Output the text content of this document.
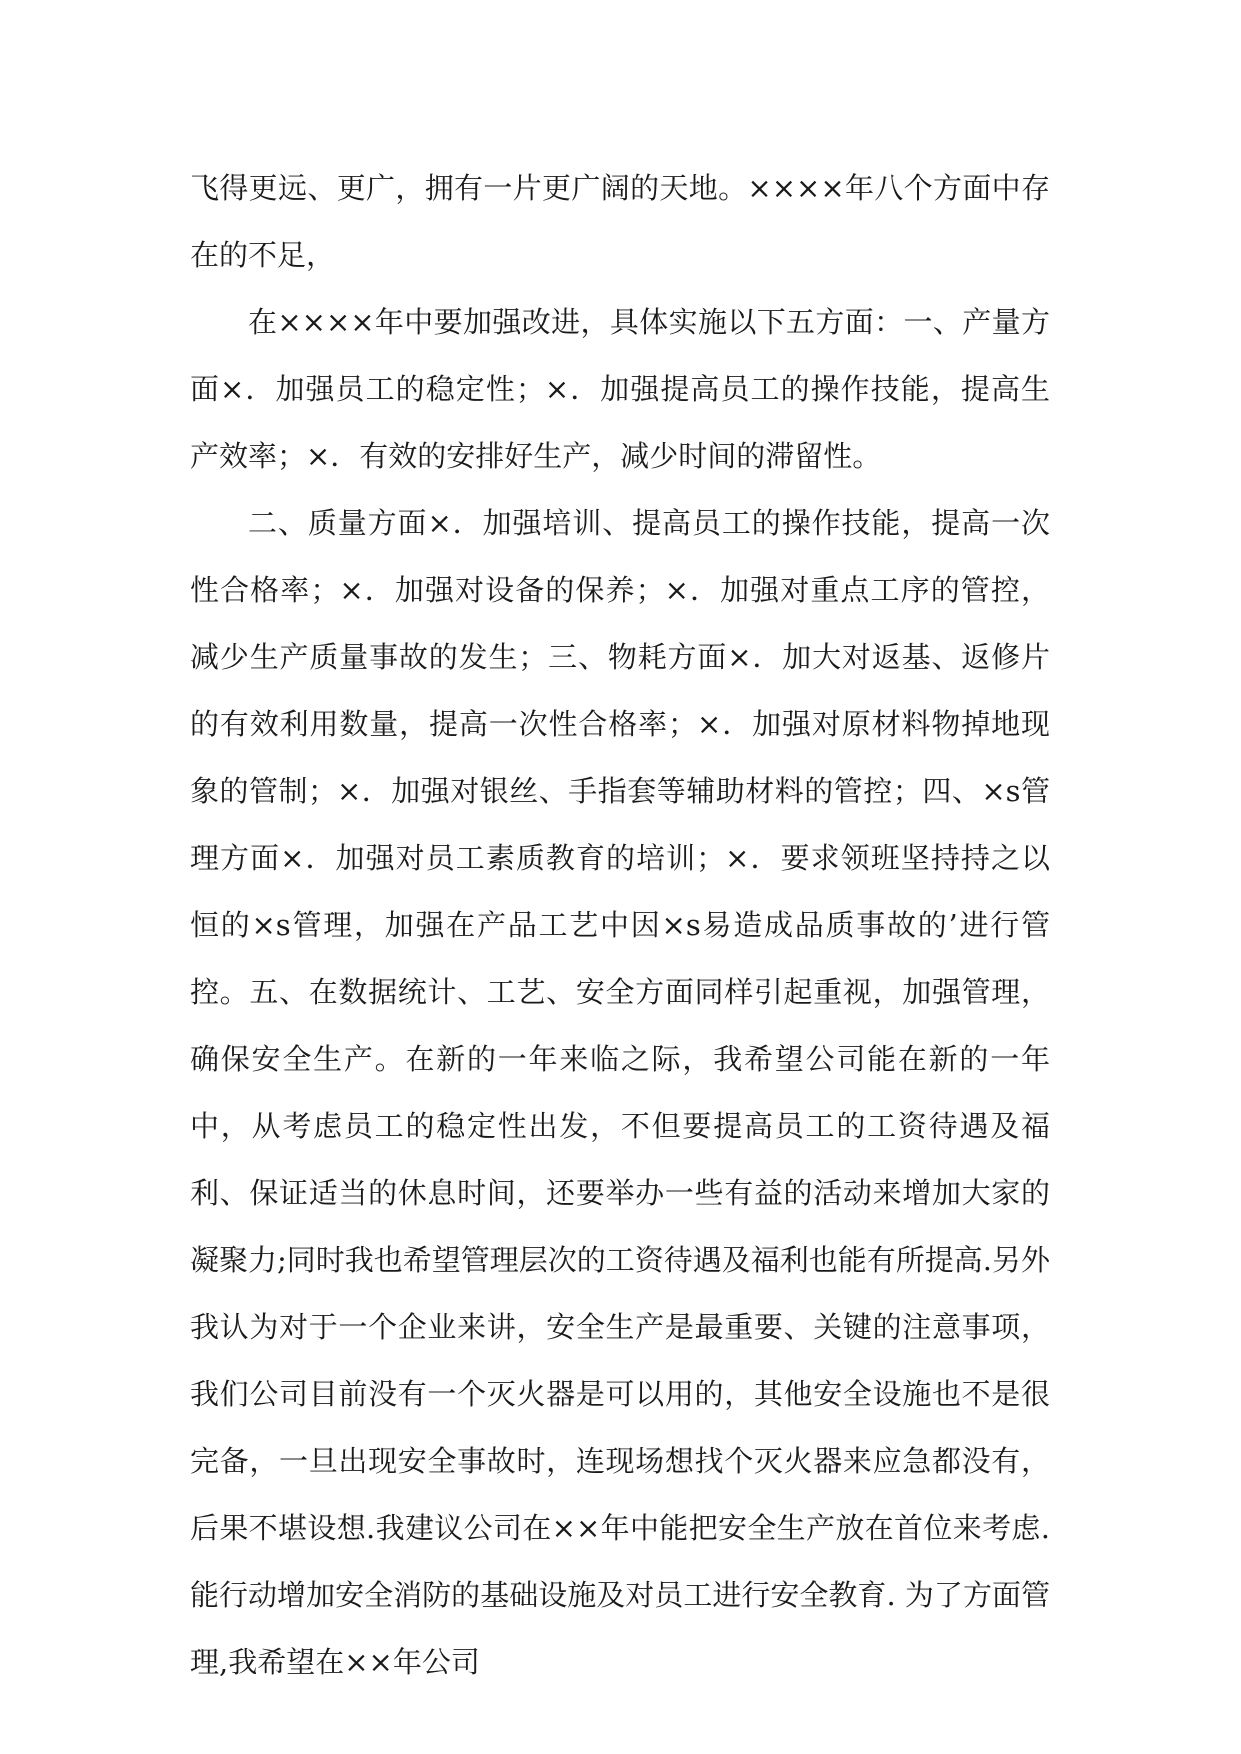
飞得更远、更广，拥有一片更广阔的天地。××××年八个方面中存在的不足，

在××××年中要加强改进，具体实施以下五方面：一、产量方面×．加强员工的稳定性；×．加强提高员工的操作技能，提高生产效率；×．有效的安排好生产，减少时间的滞留性。

二、质量方面×．加强培训、提高员工的操作技能，提高一次性合格率；×．加强对设备的保养；×．加强对重点工序的管控，减少生产质量事故的发生；三、物耗方面×．加大对返基、返修片的有效利用数量，提高一次性合格率；×．加强对原材料物掉地现象的管制；×．加强对银丝、手指套等辅助材料的管控；四、×s管理方面×．加强对员工素质教育的培训；×．要求领班坚持持之以恒的×s管理，加强在产品工艺中因×s易造成品质事故的’进行管控。五、在数据统计、工艺、安全方面同样引起重视，加强管理，确保安全生产。在新的一年来临之际，我希望公司能在新的一年中，从考虑员工的稳定性出发，不但要提高员工的工资待遇及福利、保证适当的休息时间，还要举办一些有益的活动来增加大家的凝聚力;同时我也希望管理层次的工资待遇及福利也能有所提高.另外我认为对于一个企业来讲，安全生产是最重要、关键的注意事项，我们公司目前没有一个灭火器是可以用的，其他安全设施也不是很完备，一旦出现安全事故时，连现场想找个灭火器来应急都没有，后果不堪设想.我建议公司在××年中能把安全生产放在首位来考虑.能行动增加安全消防的基础设施及对员工进行安全教育. 为了方面管理,我希望在××年公司
